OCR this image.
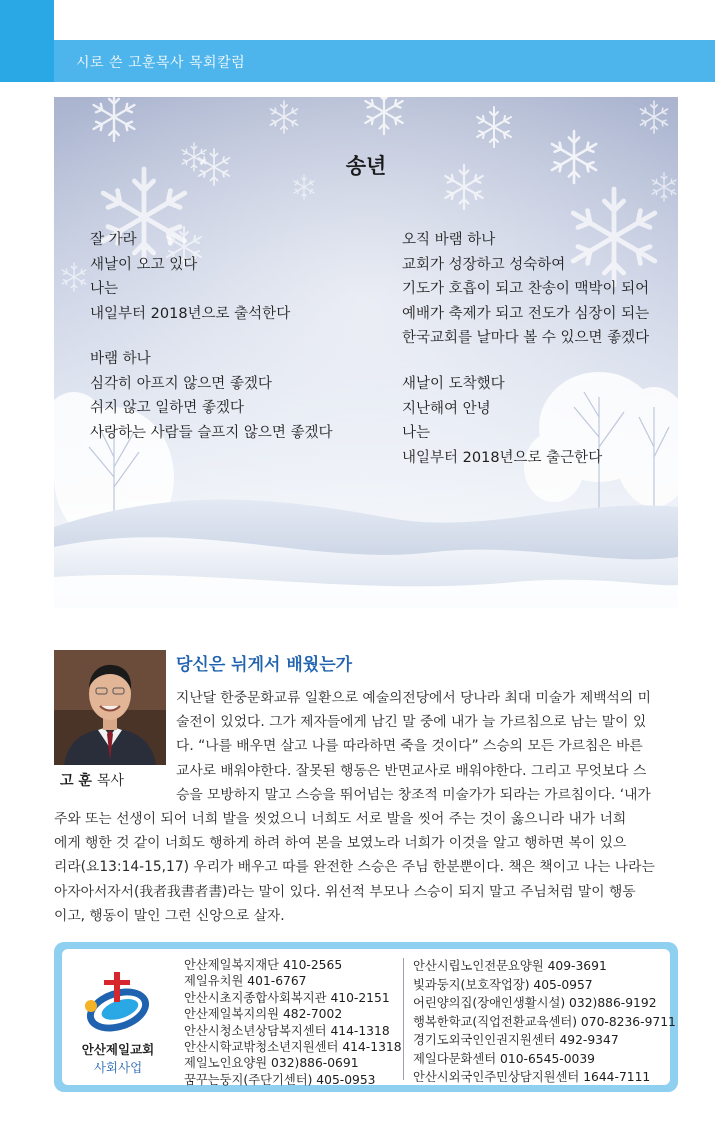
시로 쓴 고훈목사 목회칼럼
송년
잘 가라
새날이 오고 있다
나는
내일부터 2018년으로 출석한다
바램 하나
심각히 아프지 않으면 좋겠다
쉬지 않고 일하면 좋겠다
사랑하는 사람들 슬프지 않으면 좋겠다
오직 바램 하나
교회가 성장하고 성숙하여
기도가 호흡이 되고 찬송이 맥박이 되어
예배가 축제가 되고 전도가 심장이 되는
한국교회를 날마다 볼 수 있으면 좋겠다
새날이 도착했다
지난해여 안녕
나는
내일부터 2018년으로 출근한다
고 훈 목사
당신은 뉘게서 배웠는가

지난달 한중문화교류 일환으로 예술의전당에서 당나라 최대 미술가 제백석의 미

술전이 있었다. 그가 제자들에게 남긴 말 중에 내가 늘 가르침으로 남는 말이 있

다. “나를 배우면 살고 나를 따라하면 죽을 것이다” 스승의 모든 가르침은 바른

교사로 배워야한다. 잘못된 행동은 반면교사로 배워야한다. 그리고 무엇보다 스

승을 모방하지 말고 스승을 뛰어넘는 창조적 미술가가 되라는 가르침이다. ‘내가

주와 또는 선생이 되어 너희 발을 씻었으니 너희도 서로 발을 씻어 주는 것이 옳으니라 내가 너희

에게 행한 것 같이 너희도 행하게 하려 하여 본을 보였노라 너희가 이것을 알고 행하면 복이 있으

리라(요13:14-15,17) 우리가 배우고 따를 완전한 스승은 주님 한분뿐이다. 책은 책이고 나는 나라는

아자아서자서(我者我書者書)라는 말이 있다. 위선적 부모나 스승이 되지 말고 주님처럼 말이 행동

이고, 행동이 말인 그런 신앙으로 살자.

안산제일교회
사회사업
안산제일복지재단 410-2565
제일유치원 401-6767
안산시초지종합사회복지관 410-2151
안산제일복지의원 482-7002
안산시청소년상담복지센터 414-1318
안산시학교밖청소년지원센터 414-1318
제일노인요양원 032)886-0691
꿈꾸는둥지(주단기센터) 405-0953
안산시립노인전문요양원 409-3691
빛과둥지(보호작업장) 405-0957
어린양의집(장애인생활시설) 032)886-9192
행복한학교(직업전환교육센터) 070-8236-9711
경기도외국인인권지원센터 492-9347
제일다문화센터 010-6545-0039
안산시외국인주민상담지원센터 1644-7111
